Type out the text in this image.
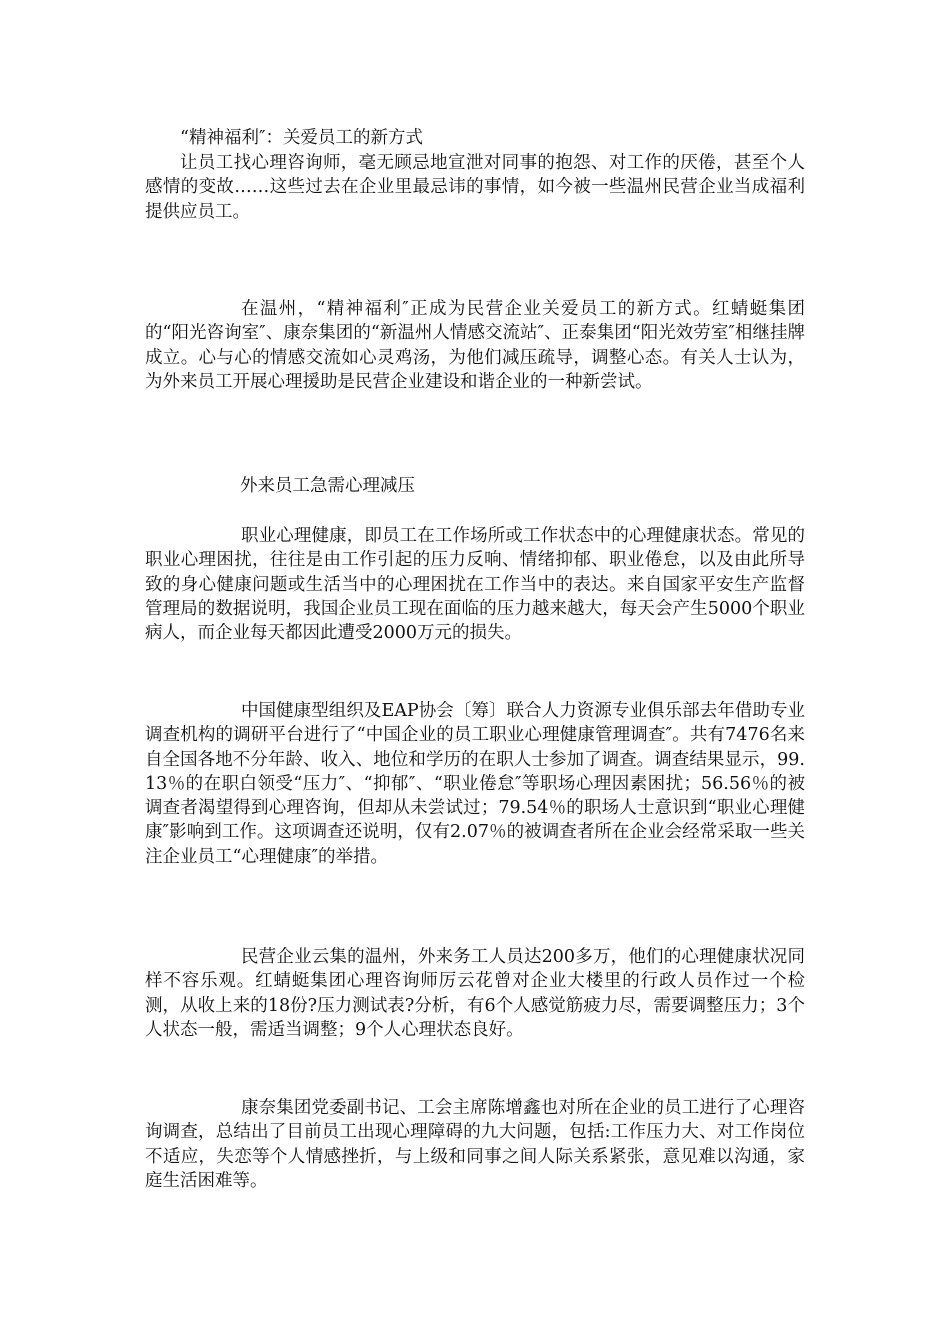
“精神福利″：关爱员工的新方式

让员工找心理咨询师，毫无顾忌地宣泄对同事的抱怨、对工作的厌倦，甚至个人感情的变故……这些过去在企业里最忌讳的事情，如今被一些温州民营企业当成福利提供应员工。

在温州，“精神福利″正成为民营企业关爱员工的新方式。红蜻蜓集团的“阳光咨询室″、康奈集团的“新温州人情感交流站″、正泰集团“阳光效劳室″相继挂牌成立。心与心的情感交流如心灵鸡汤，为他们减压疏导，调整心态。有关人士认为，为外来员工开展心理援助是民营企业建设和谐企业的一种新尝试。

外来员工急需心理减压

职业心理健康，即员工在工作场所或工作状态中的心理健康状态。常见的职业心理困扰，往往是由工作引起的压力反响、情绪抑郁、职业倦怠，以及由此所导致的身心健康问题或生活当中的心理困扰在工作当中的表达。来自国家平安生产监督管理局的数据说明，我国企业员工现在面临的压力越来越大，每天会产生5000个职业病人，而企业每天都因此遭受2000万元的损失。

中国健康型组织及EAP协会〔筹〕联合人力资源专业俱乐部去年借助专业调查机构的调研平台进行了“中国企业的员工职业心理健康管理调查″。共有7476名来自全国各地不分年龄、收入、地位和学历的在职人士参加了调查。调查结果显示，99.13％的在职白领受“压力″、“抑郁″、“职业倦怠″等职场心理因素困扰；56.56％的被调查者渴望得到心理咨询，但却从未尝试过；79.54％的职场人士意识到“职业心理健康″影响到工作。这项调查还说明，仅有2.07％的被调查者所在企业会经常采取一些关注企业员工“心理健康″的举措。

民营企业云集的温州，外来务工人员达200多万，他们的心理健康状况同样不容乐观。红蜻蜓集团心理咨询师厉云花曾对企业大楼里的行政人员作过一个检测，从收上来的18份?压力测试表?分析，有6个人感觉筋疲力尽，需要调整压力；3个人状态一般，需适当调整；9个人心理状态良好。

康奈集团党委副书记、工会主席陈增鑫也对所在企业的员工进行了心理咨询调查，总结出了目前员工出现心理障碍的九大问题，包括:工作压力大、对工作岗位不适应，失恋等个人情感挫折，与上级和同事之间人际关系紧张，意见难以沟通，家庭生活困难等。
